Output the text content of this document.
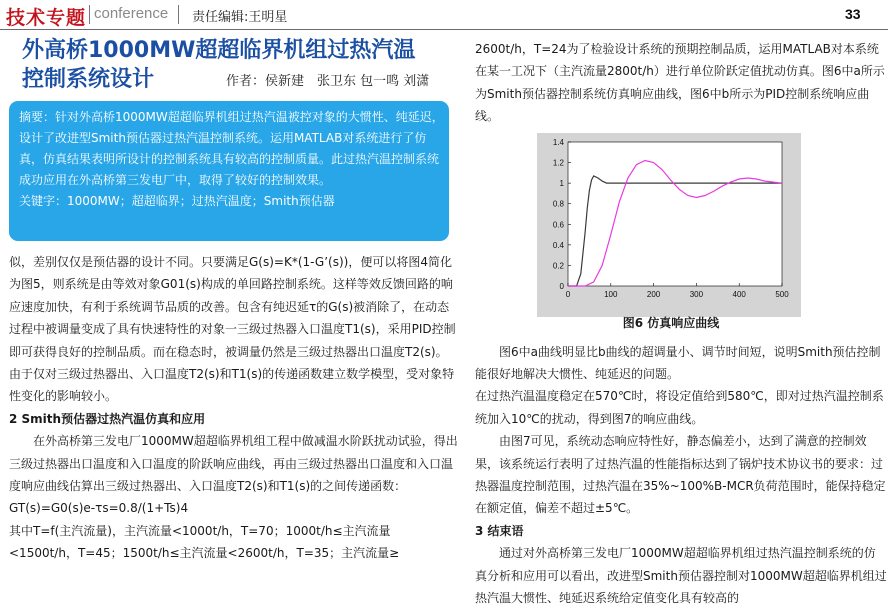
技术专题 conference 责任编辑:王明星	33
外高桥1000MW超超临界机组过热汽温
控制系统设计	作者：侯新建　张卫东 包一鸣 刘潇

摘要：针对外高桥1000MW超超临界机组过热汽温被控对象的大惯性、纯延迟，设计了改进型Smith预估器过热汽温控制系统。运用MATLAB对系统进行了仿真，仿真结果表明所设计的控制系统具有较高的控制质量。此过热汽温控制系统成功应用在外高桥第三发电厂中，取得了较好的控制效果。

关键字：1000MW；超超临界；过热汽温度；Smith预估器

似，差别仅仅是预估器的设计不同。只要满足G(s)=K*(1-G’(s))，便可以将图4简化为图5，则系统是由等效对象G01(s)构成的单回路控制系统。这样等效反馈回路的响应速度加快，有利于系统调节品质的改善。包含有纯迟延τ的G(s)被消除了，在动态过程中被调量变成了具有快速特性的对象一三级过热器入口温度T1(s)，采用PID控制即可获得良好的控制品质。而在稳态时，被调量仍然是三级过热器出口温度T2(s)。由于仅对三级过热器出、入口温度T2(s)和T1(s)的传递函数建立数学模型，受对象特性变化的影响较小。

2 Smith预估器过热汽温仿真和应用

在外高桥第三发电厂1000MW超超临界机组工程中做减温水阶跃扰动试验，得出三级过热器出口温度和入口温度的阶跃响应曲线，再由三级过热器出口温度和入口温度响应曲线估算出三级过热器出、入口温度T2(s)和T1(s)的之间传递函数：

GT(s)=G0(s)e-τs=0.8/(1+Ts)4

其中T=f(主汽流量)，主汽流量<1000t/h，T=70；1000t/h≤主汽流量<1500t/h，T=45；1500t/h≤主汽流量<2600t/h，T=35；主汽流量≥

2600t/h，T=24为了检验设计系统的预期控制品质，运用MATLAB对本系统在某一工况下（主汽流量2800t/h）进行单位阶跃定值扰动仿真。图6中a所示为Smith预估器控制系统仿真响应曲线，图6中b所示为PID控制系统响应曲线。

图6中a曲线明显比b曲线的超调量小、调节时间短，说明Smith预估控制能很好地解决大惯性、纯延迟的问题。

在过热汽温温度稳定在570℃时，将设定值给到580℃，即对过热汽温控制系统加入10℃的扰动，得到图7的响应曲线。

由图7可见，系统动态响应特性好，静态偏差小，达到了满意的控制效果，该系统运行表明了过热汽温的性能指标达到了锅炉技术协议书的要求：过热器温度控制范围，过热汽温在35%~100%B-MCR负荷范围时，能保持稳定在额定值，偏差不超过±5℃。

3 结束语

通过对外高桥第三发电厂1000MW超超临界机组过热汽温控制系统的仿真分析和应用可以看出，改进型Smith预估器控制对1000MW超超临界机组过热汽温大惯性、纯延迟系统给定值变化具有较高的

0	100	200	300	400	500
0
0.2
0.4
0.6
0.8
1
1.2
1.4
图6 仿真响应曲线
